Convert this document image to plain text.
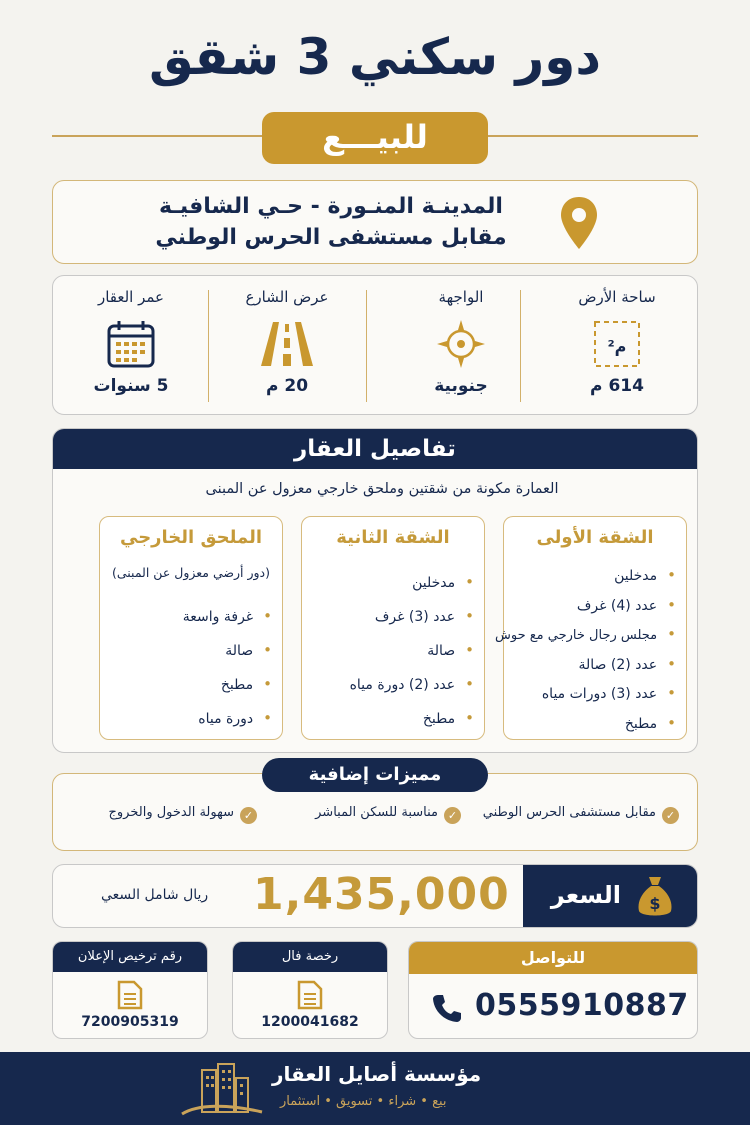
دور سكني 3 شقق
للبيـــع
المدينـة المنـورة - حـي الشافيـة
مقابل مستشفى الحرس الوطني
ساحة الأرض
م²
614 م
الواجهة
جنوبية
عرض الشارع
20 م
عمر العقار
5 سنوات
تفاصيل العقار
العمارة مكونة من شقتين وملحق خارجي معزول عن المبنى
الشقة الأولى
• مدخلين
• عدد (4) غرف
• مجلس رجال خارجي مع حوش
• عدد (2) صالة
• عدد (3) دورات مياه
• مطبخ
الشقة الثانية
• مدخلين
• عدد (3) غرف
• صالة
• عدد (2) دورة مياه
• مطبخ
الملحق الخارجي
(دور أرضي معزول عن المبنى)
• غرفة واسعة
• صالة
• مطبخ
• دورة مياه
مميزات إضافية
✓مقابل مستشفى الحرس الوطني
✓مناسبة للسكن المباشر
✓سهولة الدخول والخروج
السعر $
1,435,000
ريال شامل السعي
رقم ترخيص الإعلان
7200905319
رخصة فال
1200041682
للتواصل
0555910887
مؤسسة أصايل العقار
بيع • شراء • تسويق • استثمار
